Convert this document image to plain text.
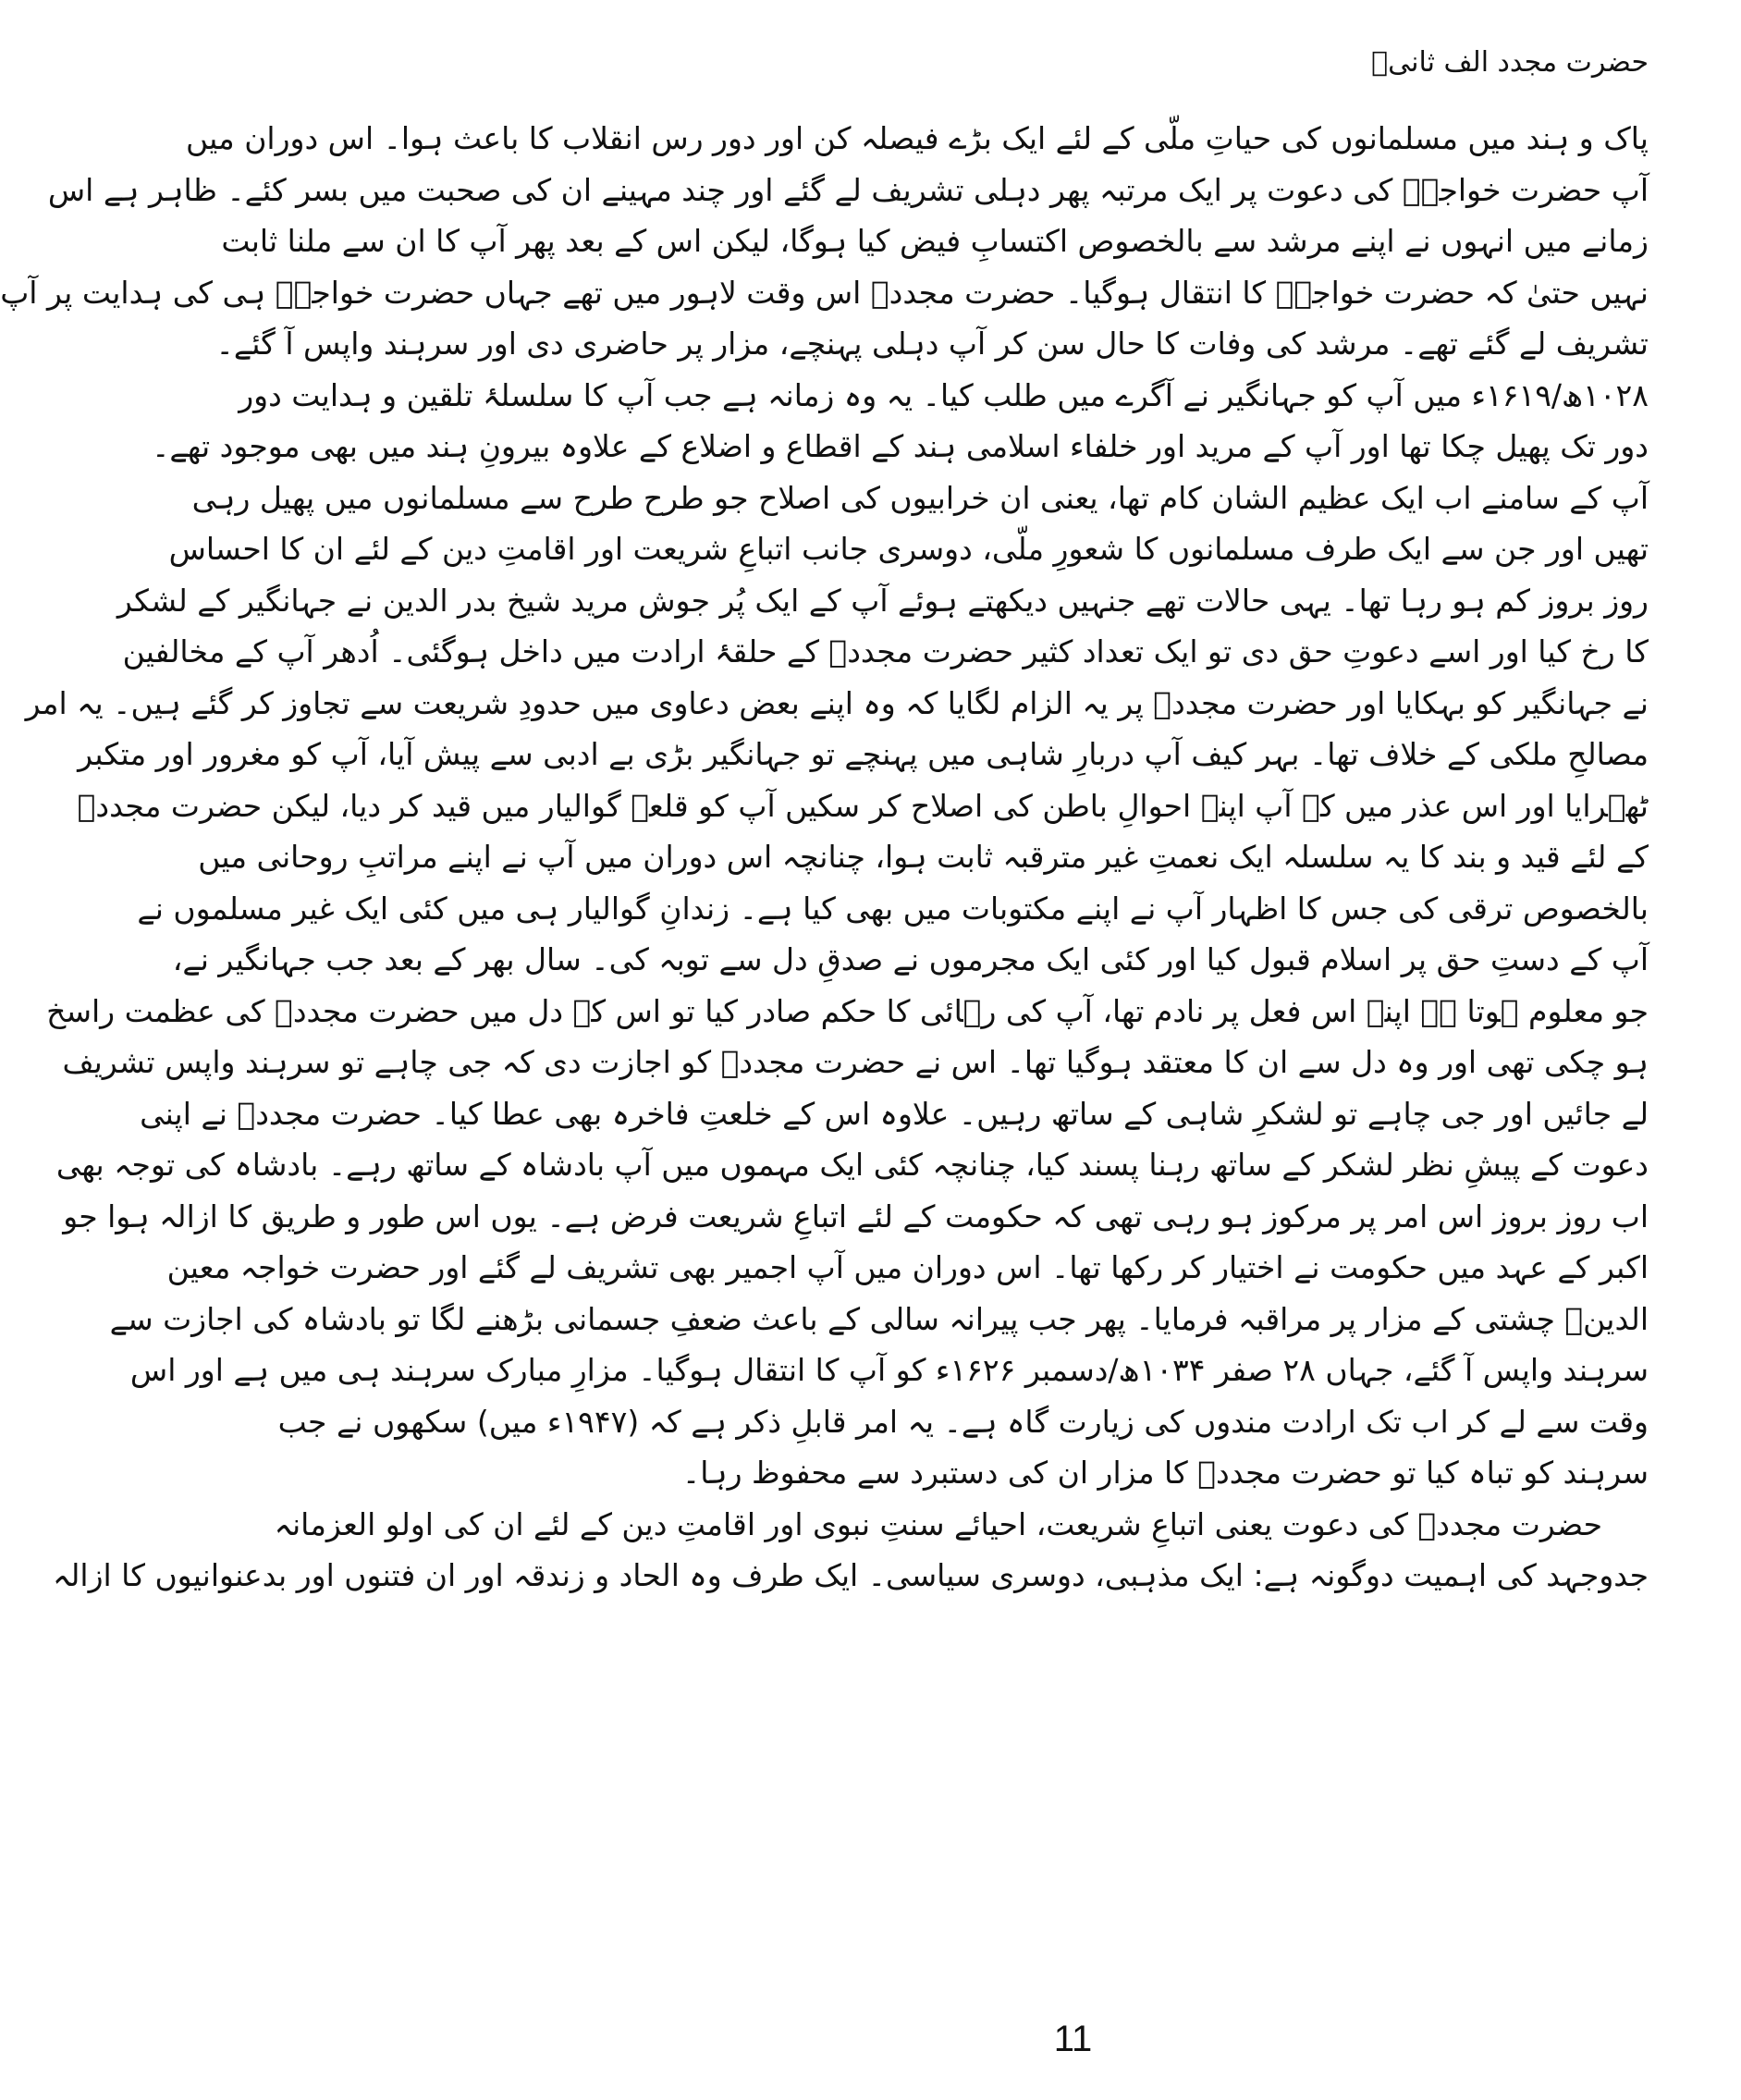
حضرت مجدد الف ثانیؒ
پاک و ہند میں مسلمانوں کی حیاتِ ملّی کے لئے ایک بڑے فیصلہ کن اور دور رس انقلاب کا باعث ہوا۔ اس دوران میں
آپ حضرت خواجہؒ کی دعوت پر ایک مرتبہ پھر دہلی تشریف لے گئے اور چند مہینے ان کی صحبت میں بسر کئے۔ ظاہر ہے اس
زمانے میں انہوں نے اپنے مرشد سے بالخصوص اکتسابِ فیض کیا ہوگا، لیکن اس کے بعد پھر آپ کا ان سے ملنا ثابت
نہیں حتیٰ کہ حضرت خواجہؒ کا انتقال ہوگیا۔ حضرت مجددؒ اس وقت لاہور میں تھے جہاں حضرت خواجہؒ ہی کی ہدایت پر آپ
تشریف لے گئے تھے۔ مرشد کی وفات کا حال سن کر آپ دہلی پہنچے، مزار پر حاضری دی اور سرہند واپس آ گئے۔
۱۰۲۸ھ/۱۶۱۹ء میں آپ کو جہانگیر نے آگرے میں طلب کیا۔ یہ وہ زمانہ ہے جب آپ کا سلسلۂ تلقین و ہدایت دور
دور تک پھیل چکا تھا اور آپ کے مرید اور خلفاء اسلامی ہند کے اقطاع و اضلاع کے علاوہ بیرونِ ہند میں بھی موجود تھے۔
آپ کے سامنے اب ایک عظیم الشان کام تھا، یعنی ان خرابیوں کی اصلاح جو طرح طرح سے مسلمانوں میں پھیل رہی
تھیں اور جن سے ایک طرف مسلمانوں کا شعورِ ملّی، دوسری جانب اتباعِ شریعت اور اقامتِ دین کے لئے ان کا احساس
روز بروز کم ہو رہا تھا۔ یہی حالات تھے جنہیں دیکھتے ہوئے آپ کے ایک پُر جوش مرید شیخ بدر الدین نے جہانگیر کے لشکر
کا رخ کیا اور اسے دعوتِ حق دی تو ایک تعداد کثیر حضرت مجددؒ کے حلقۂ ارادت میں داخل ہوگئی۔ اُدھر آپ کے مخالفین
نے جہانگیر کو بہکایا اور حضرت مجددؒ پر یہ الزام لگایا کہ وہ اپنے بعض دعاوی میں حدودِ شریعت سے تجاوز کر گئے ہیں۔ یہ امر
مصالحِ ملکی کے خلاف تھا۔ بہر کیف آپ دربارِ شاہی میں پہنچے تو جہانگیر بڑی بے ادبی سے پیش آیا، آپ کو مغرور اور متکبر
ٹھہرایا اور اس عذر میں کہ آپ اپنے احوالِ باطن کی اصلاح کر سکیں آپ کو قلعۂ گوالیار میں قید کر دیا، لیکن حضرت مجددؒ
کے لئے قید و بند کا یہ سلسلہ ایک نعمتِ غیر مترقبہ ثابت ہوا، چنانچہ اس دوران میں آپ نے اپنے مراتبِ روحانی میں
بالخصوص ترقی کی جس کا اظہار آپ نے اپنے مکتوبات میں بھی کیا ہے۔ زندانِ گوالیار ہی میں کئی ایک غیر مسلموں نے
آپ کے دستِ حق پر اسلام قبول کیا اور کئی ایک مجرموں نے صدقِ دل سے توبہ کی۔ سال بھر کے بعد جب جہانگیر نے،
جو معلوم ہوتا ہے اپنے اس فعل پر نادم تھا، آپ کی رہائی کا حکم صادر کیا تو اس کے دل میں حضرت مجددؒ کی عظمت راسخ
ہو چکی تھی اور وہ دل سے ان کا معتقد ہوگیا تھا۔ اس نے حضرت مجددؒ کو اجازت دی کہ جی چاہے تو سرہند واپس تشریف
لے جائیں اور جی چاہے تو لشکرِ شاہی کے ساتھ رہیں۔ علاوہ اس کے خلعتِ فاخرہ بھی عطا کیا۔ حضرت مجددؒ نے اپنی
دعوت کے پیشِ نظر لشکر کے ساتھ رہنا پسند کیا، چنانچہ کئی ایک مہموں میں آپ بادشاہ کے ساتھ رہے۔ بادشاہ کی توجہ بھی
اب روز بروز اس امر پر مرکوز ہو رہی تھی کہ حکومت کے لئے اتباعِ شریعت فرض ہے۔ یوں اس طور و طریق کا ازالہ ہوا جو
اکبر کے عہد میں حکومت نے اختیار کر رکھا تھا۔ اس دوران میں آپ اجمیر بھی تشریف لے گئے اور حضرت خواجہ معین
الدینؒ چشتی کے مزار پر مراقبہ فرمایا۔ پھر جب پیرانہ سالی کے باعث ضعفِ جسمانی بڑھنے لگا تو بادشاہ کی اجازت سے
سرہند واپس آ گئے، جہاں ۲۸ صفر ۱۰۳۴ھ/دسمبر ۱۶۲۶ء کو آپ کا انتقال ہوگیا۔ مزارِ مبارک سرہند ہی میں ہے اور اس
وقت سے لے کر اب تک ارادت مندوں کی زیارت گاہ ہے۔ یہ امر قابلِ ذکر ہے کہ (۱۹۴۷ء میں) سکھوں نے جب
سرہند کو تباہ کیا تو حضرت مجددؒ کا مزار ان کی دستبرد سے محفوظ رہا۔
حضرت مجددؒ کی دعوت یعنی اتباعِ شریعت، احیائے سنتِ نبوی اور اقامتِ دین کے لئے ان کی اولو العزمانہ
جدوجہد کی اہمیت دوگونہ ہے: ایک مذہبی، دوسری سیاسی۔ ایک طرف وہ الحاد و زندقہ اور ان فتنوں اور بدعنوانیوں کا ازالہ
11
